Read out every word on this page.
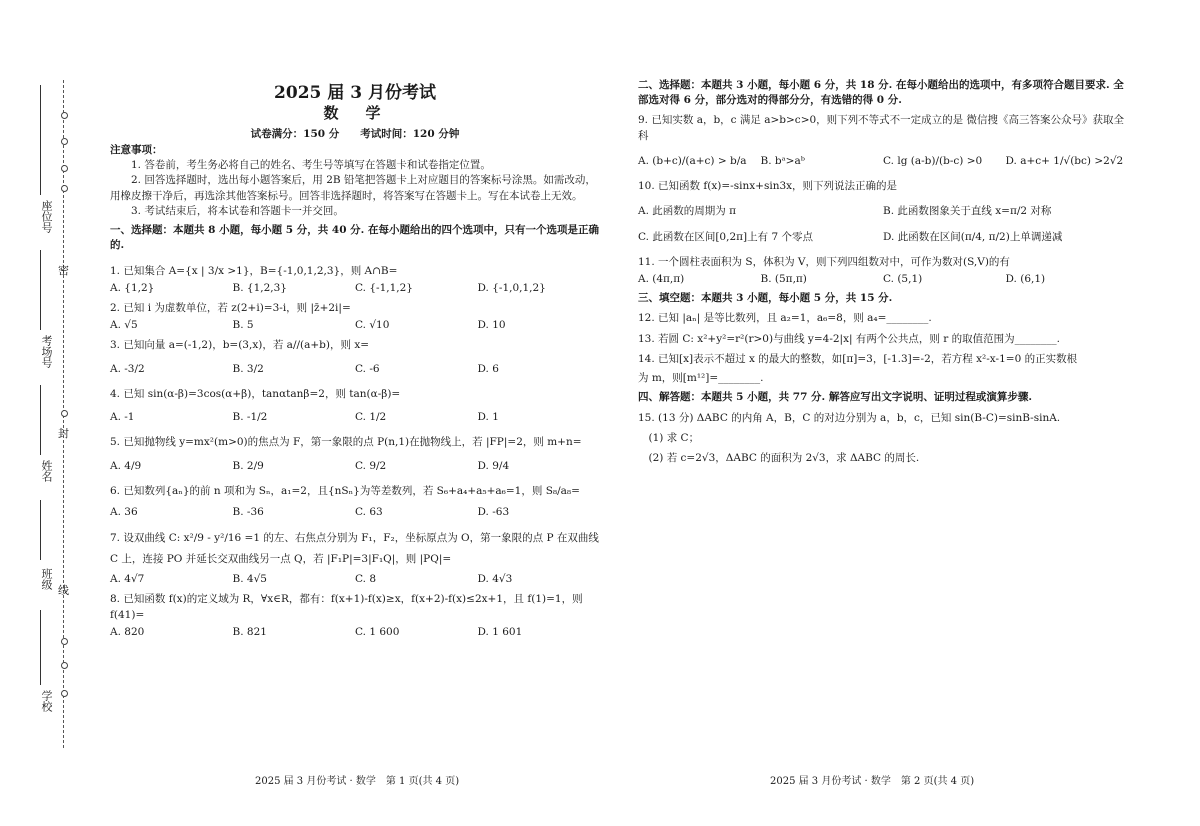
座位号
考场号
姓名
班级
学校
密
封
线
2025 届 3 月份考试
数　学
试卷满分：150 分　　考试时间：120 分钟
注意事项：
1. 答卷前，考生务必将自己的姓名、考生号等填写在答题卡和试卷指定位置。
2. 回答选择题时，选出每小题答案后，用 2B 铅笔把答题卡上对应题目的答案标号涂黑。如需改动，用橡皮擦干净后，再选涂其他答案标号。回答非选择题时，将答案写在答题卡上。写在本试卷上无效。
3. 考试结束后，将本试卷和答题卡一并交回。
一、选择题：本题共 8 小题，每小题 5 分，共 40 分. 在每小题给出的四个选项中，只有一个选项是正确的.
1. 已知集合 A={x | 3/x >1}，B={-1,0,1,2,3}，则 A∩B=
A. {1,2}	B. {1,2,3}	C. {-1,1,2}	D. {-1,0,1,2}
2. 已知 i 为虚数单位，若 z(2+i)=3-i，则 |z̄+2i|=
A. √5	B. 5	C. √10	D. 10
3. 已知向量 a=(-1,2)，b=(3,x)，若 a//(a+b)，则 x=
A. -3/2	B. 3/2	C. -6	D. 6
4. 已知 sin(α-β)=3cos(α+β)，tanαtanβ=2，则 tan(α-β)=
A. -1	B. -1/2	C. 1/2	D. 1
5. 已知抛物线 y=mx²(m>0)的焦点为 F，第一象限的点 P(n,1)在抛物线上，若 |FP|=2，则 m+n=
A. 4/9	B. 2/9	C. 9/2	D. 9/4
6. 已知数列{aₙ}的前 n 项和为 Sₙ，a₁=2，且{nSₙ}为等差数列，若 S₆+a₄+a₅+a₆=1，则 S₈/a₈=
A. 36	B. -36	C. 63	D. -63
7. 设双曲线 C: x²/9 - y²/16 =1 的左、右焦点分别为 F₁，F₂，坐标原点为 O，第一象限的点 P 在双曲线 C 上，连接 PO 并延长交双曲线另一点 Q，若 |F₁P|=3|F₁Q|，则 |PQ|=
A. 4√7	B. 4√5	C. 8	D. 4√3
8. 已知函数 f(x)的定义域为 R，∀x∈R，都有：f(x+1)-f(x)≥x，f(x+2)-f(x)≤2x+1，且 f(1)=1，则 f(41)=
A. 820	B. 821	C. 1 600	D. 1 601
2025 届 3 月份考试 · 数学　第 1 页(共 4 页)
二、选择题：本题共 3 小题，每小题 6 分，共 18 分. 在每小题给出的选项中，有多项符合题目要求. 全部选对得 6 分，部分选对的得部分分，有选错的得 0 分.
9. 已知实数 a，b，c 满足 a>b>c>0，则下列不等式不一定成立的是 微信搜《高三答案公众号》获取全科
A. (b+c)/(a+c) > b/a	B. bᵃ>aᵇ	C. lg (a-b)/(b-c) >0	D. a+c+ 1/√(bc) >2√2
10. 已知函数 f(x)=-sinx+sin3x，则下列说法正确的是
A. 此函数的周期为 π	B. 此函数图象关于直线 x=π/2 对称
C. 此函数在区间[0,2π]上有 7 个零点	D. 此函数在区间(π/4, π/2)上单调递减
11. 一个圆柱表面积为 S，体积为 V，则下列四组数对中，可作为数对(S,V)的有
A. (4π,π)	B. (5π,π)	C. (5,1)	D. (6,1)
三、填空题：本题共 3 小题，每小题 5 分，共 15 分.
12. 已知 |aₙ| 是等比数列，且 a₂=1，a₆=8，则 a₄=________.
13. 若圆 C: x²+y²=r²(r>0)与曲线 y=4-2|x| 有两个公共点，则 r 的取值范围为________.
14. 已知[x]表示不超过 x 的最大的整数，如[π]=3，[-1.3]=-2，若方程 x²-x-1=0 的正实数根
为 m，则[m¹²]=________.
四、解答题：本题共 5 小题，共 77 分. 解答应写出文字说明、证明过程或演算步骤.
15. (13 分) ΔABC 的内角 A，B，C 的对边分别为 a，b，c，已知 sin(B-C)=sinB-sinA.
(1) 求 C；
(2) 若 c=2√3，ΔABC 的面积为 2√3，求 ΔABC 的周长.
2025 届 3 月份考试 · 数学　第 2 页(共 4 页)
